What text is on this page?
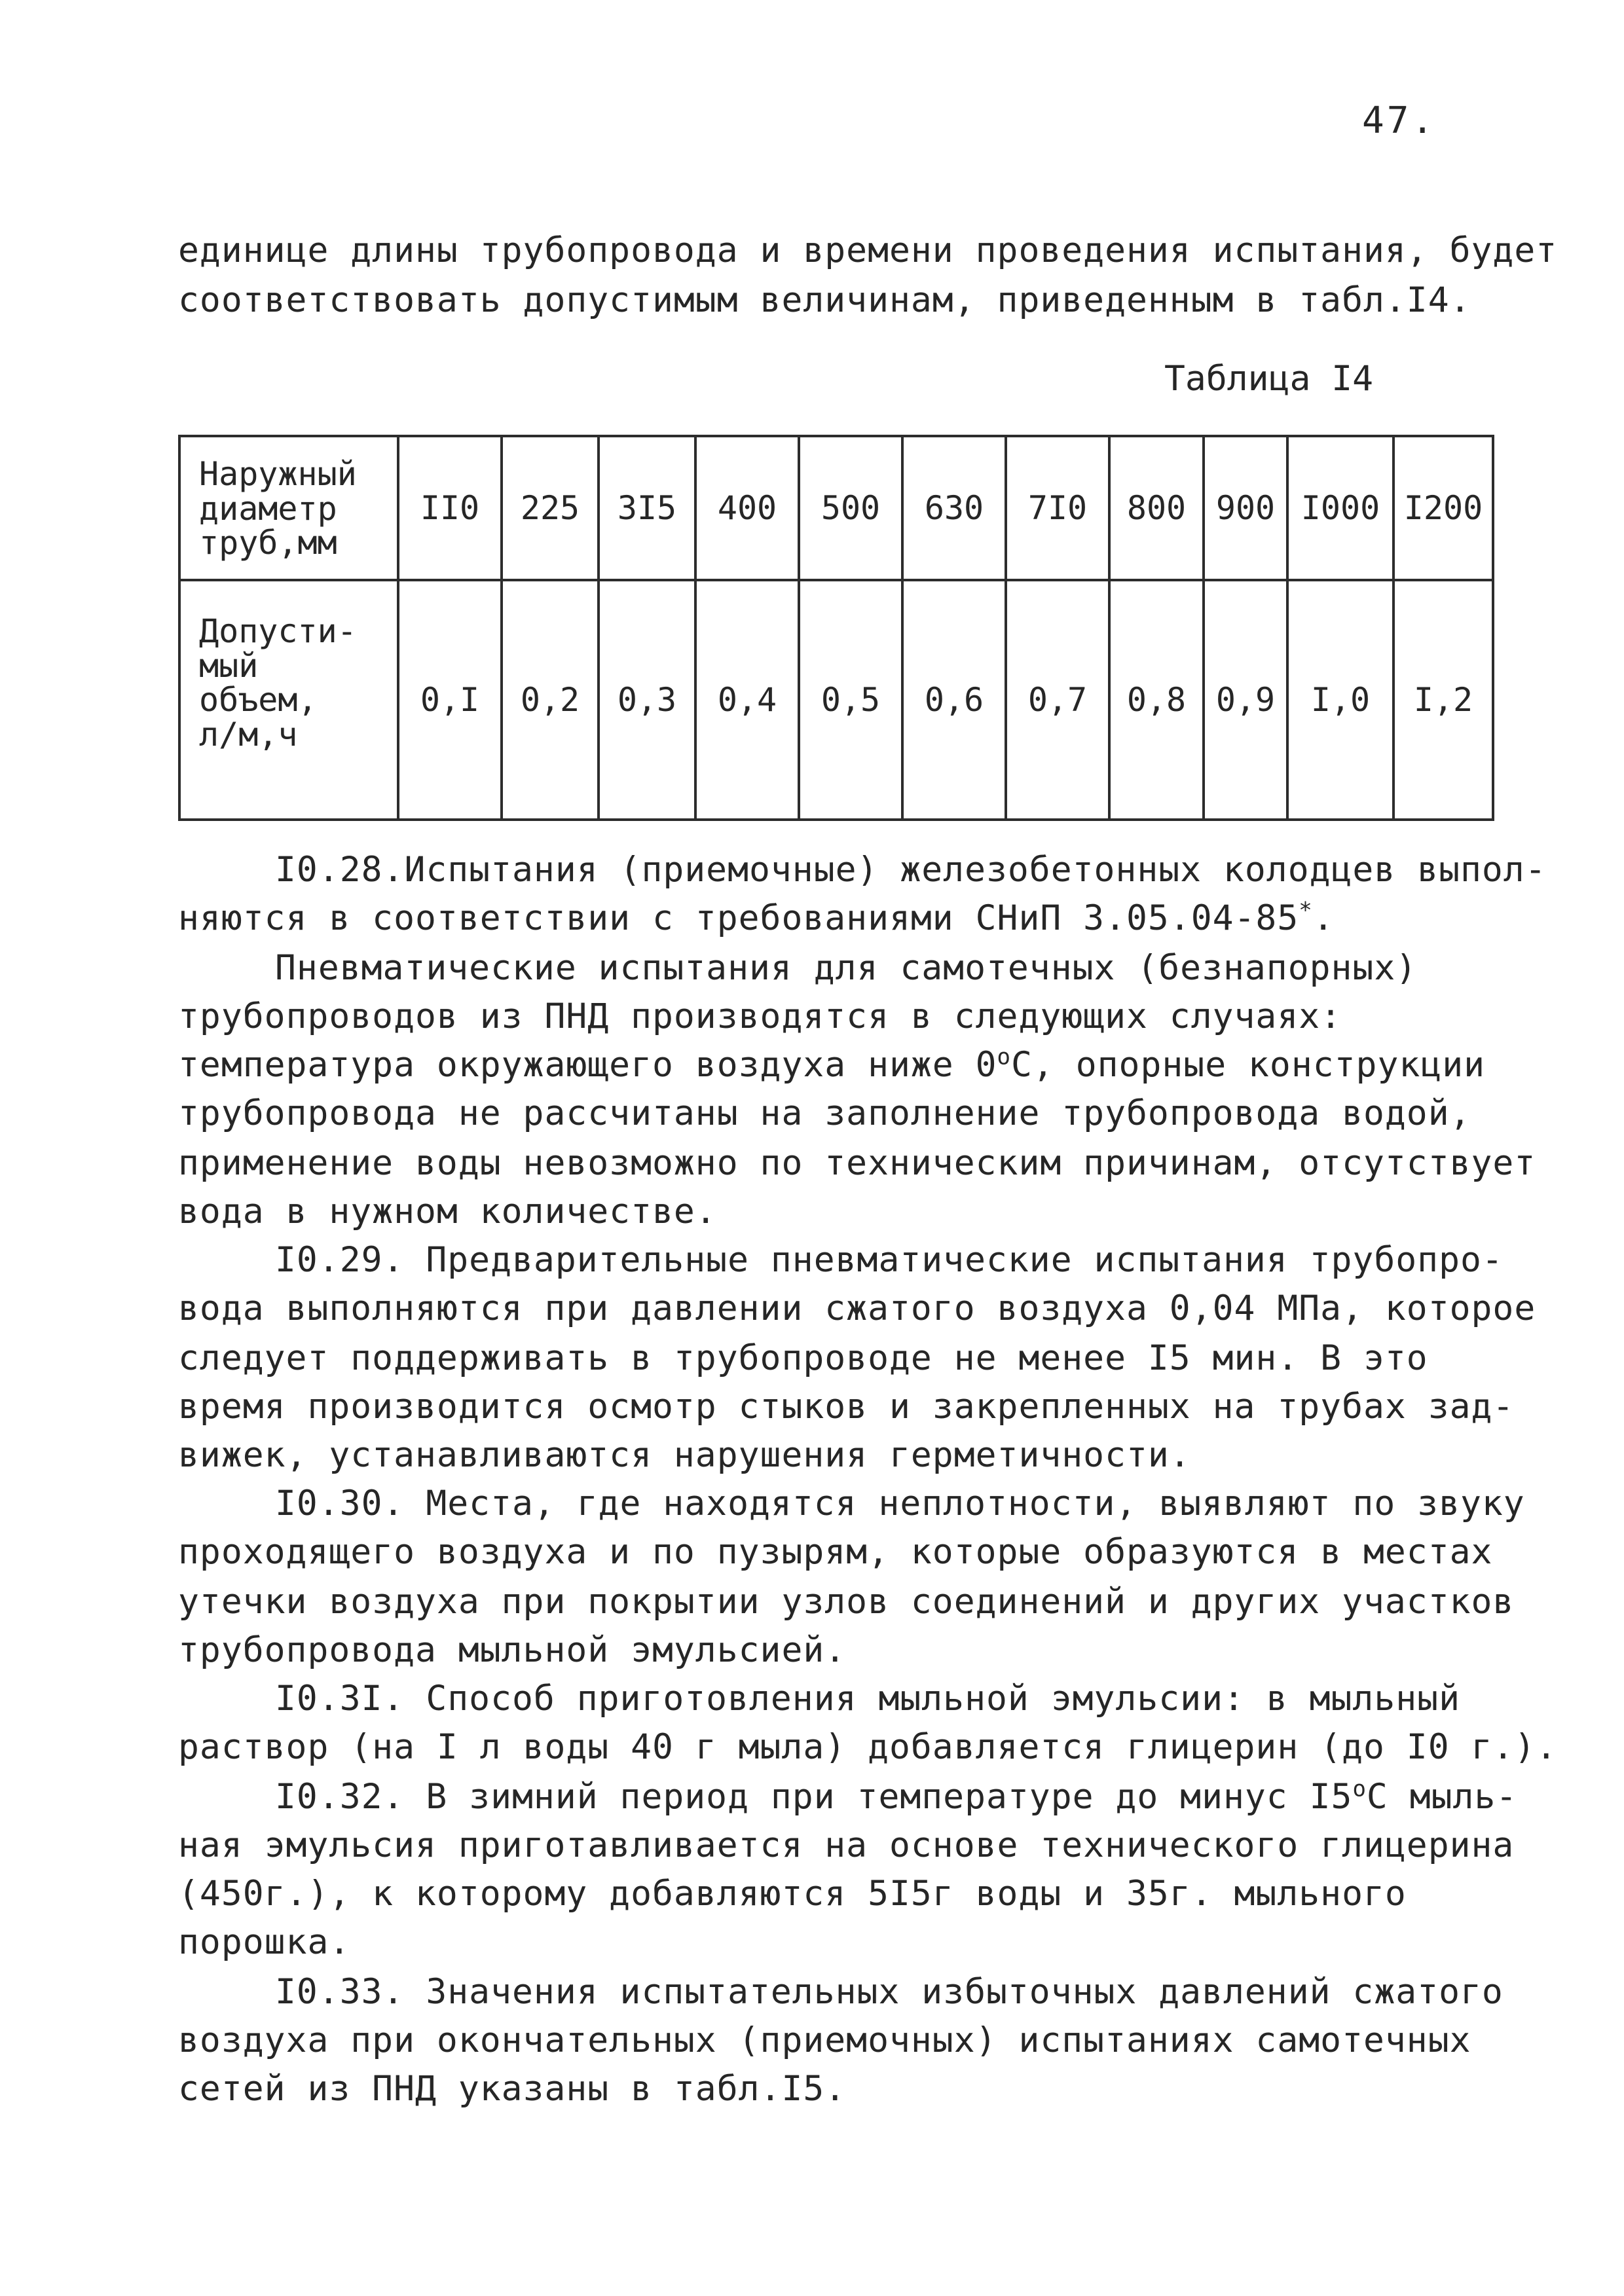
47.
единице длины трубопровода и времени проведения испытания, будет
соответствовать допустимым величинам, приведенным в табл.I4.
Таблица I4
Наружный
диаметр
труб,мм	II0	225	3I5	400	500	630	7I0	800	900	I000	I200

Допусти-
мый
объем,
л/м,ч	0,I	0,2	0,3	0,4	0,5	0,6	0,7	0,8	0,9	I,0	I,2
I0.28.Испытания (приемочные) железобетонных колодцев выпол-
няются в соответствии с требованиями СНиП 3.05.04-85*.
Пневматические испытания для самотечных (безнапорных)
трубопроводов из ПНД производятся в следующих случаях:
температура окружающего воздуха ниже $0^оС$, опорные конструкции
трубопровода не рассчитаны на заполнение трубопровода водой,
применение воды невозможно по техническим причинам, отсутствует
вода в нужном количестве.
I0.29. Предварительные пневматические испытания трубопро-
вода выполняются при давлении сжатого воздуха 0,04 МПа, которое
следует поддерживать в трубопроводе не менее I5 мин. В это
время производится осмотр стыков и закрепленных на трубах зад-
вижек, устанавливаются нарушения герметичности.
I0.30. Места, где находятся неплотности, выявляют по звуку
проходящего воздуха и по пузырям, которые образуются в местах
утечки воздуха при покрытии узлов соединений и других участков
трубопровода мыльной эмульсией.
I0.3I. Способ приготовления мыльной эмульсии: в мыльный
раствор (на I л воды 40 г мыла) добавляется глицерин (до I0 г.).
I0.32. В зимний период при температуре до минус $I5^оС$ мыль-
ная эмульсия приготавливается на основе технического глицерина
(450г.), к которому добавляются 5I5г воды и 35г. мыльного
порошка.
I0.33. Значения испытательных избыточных давлений сжатого
воздуха при окончательных (приемочных) испытаниях самотечных
сетей из ПНД указаны в табл.I5.
